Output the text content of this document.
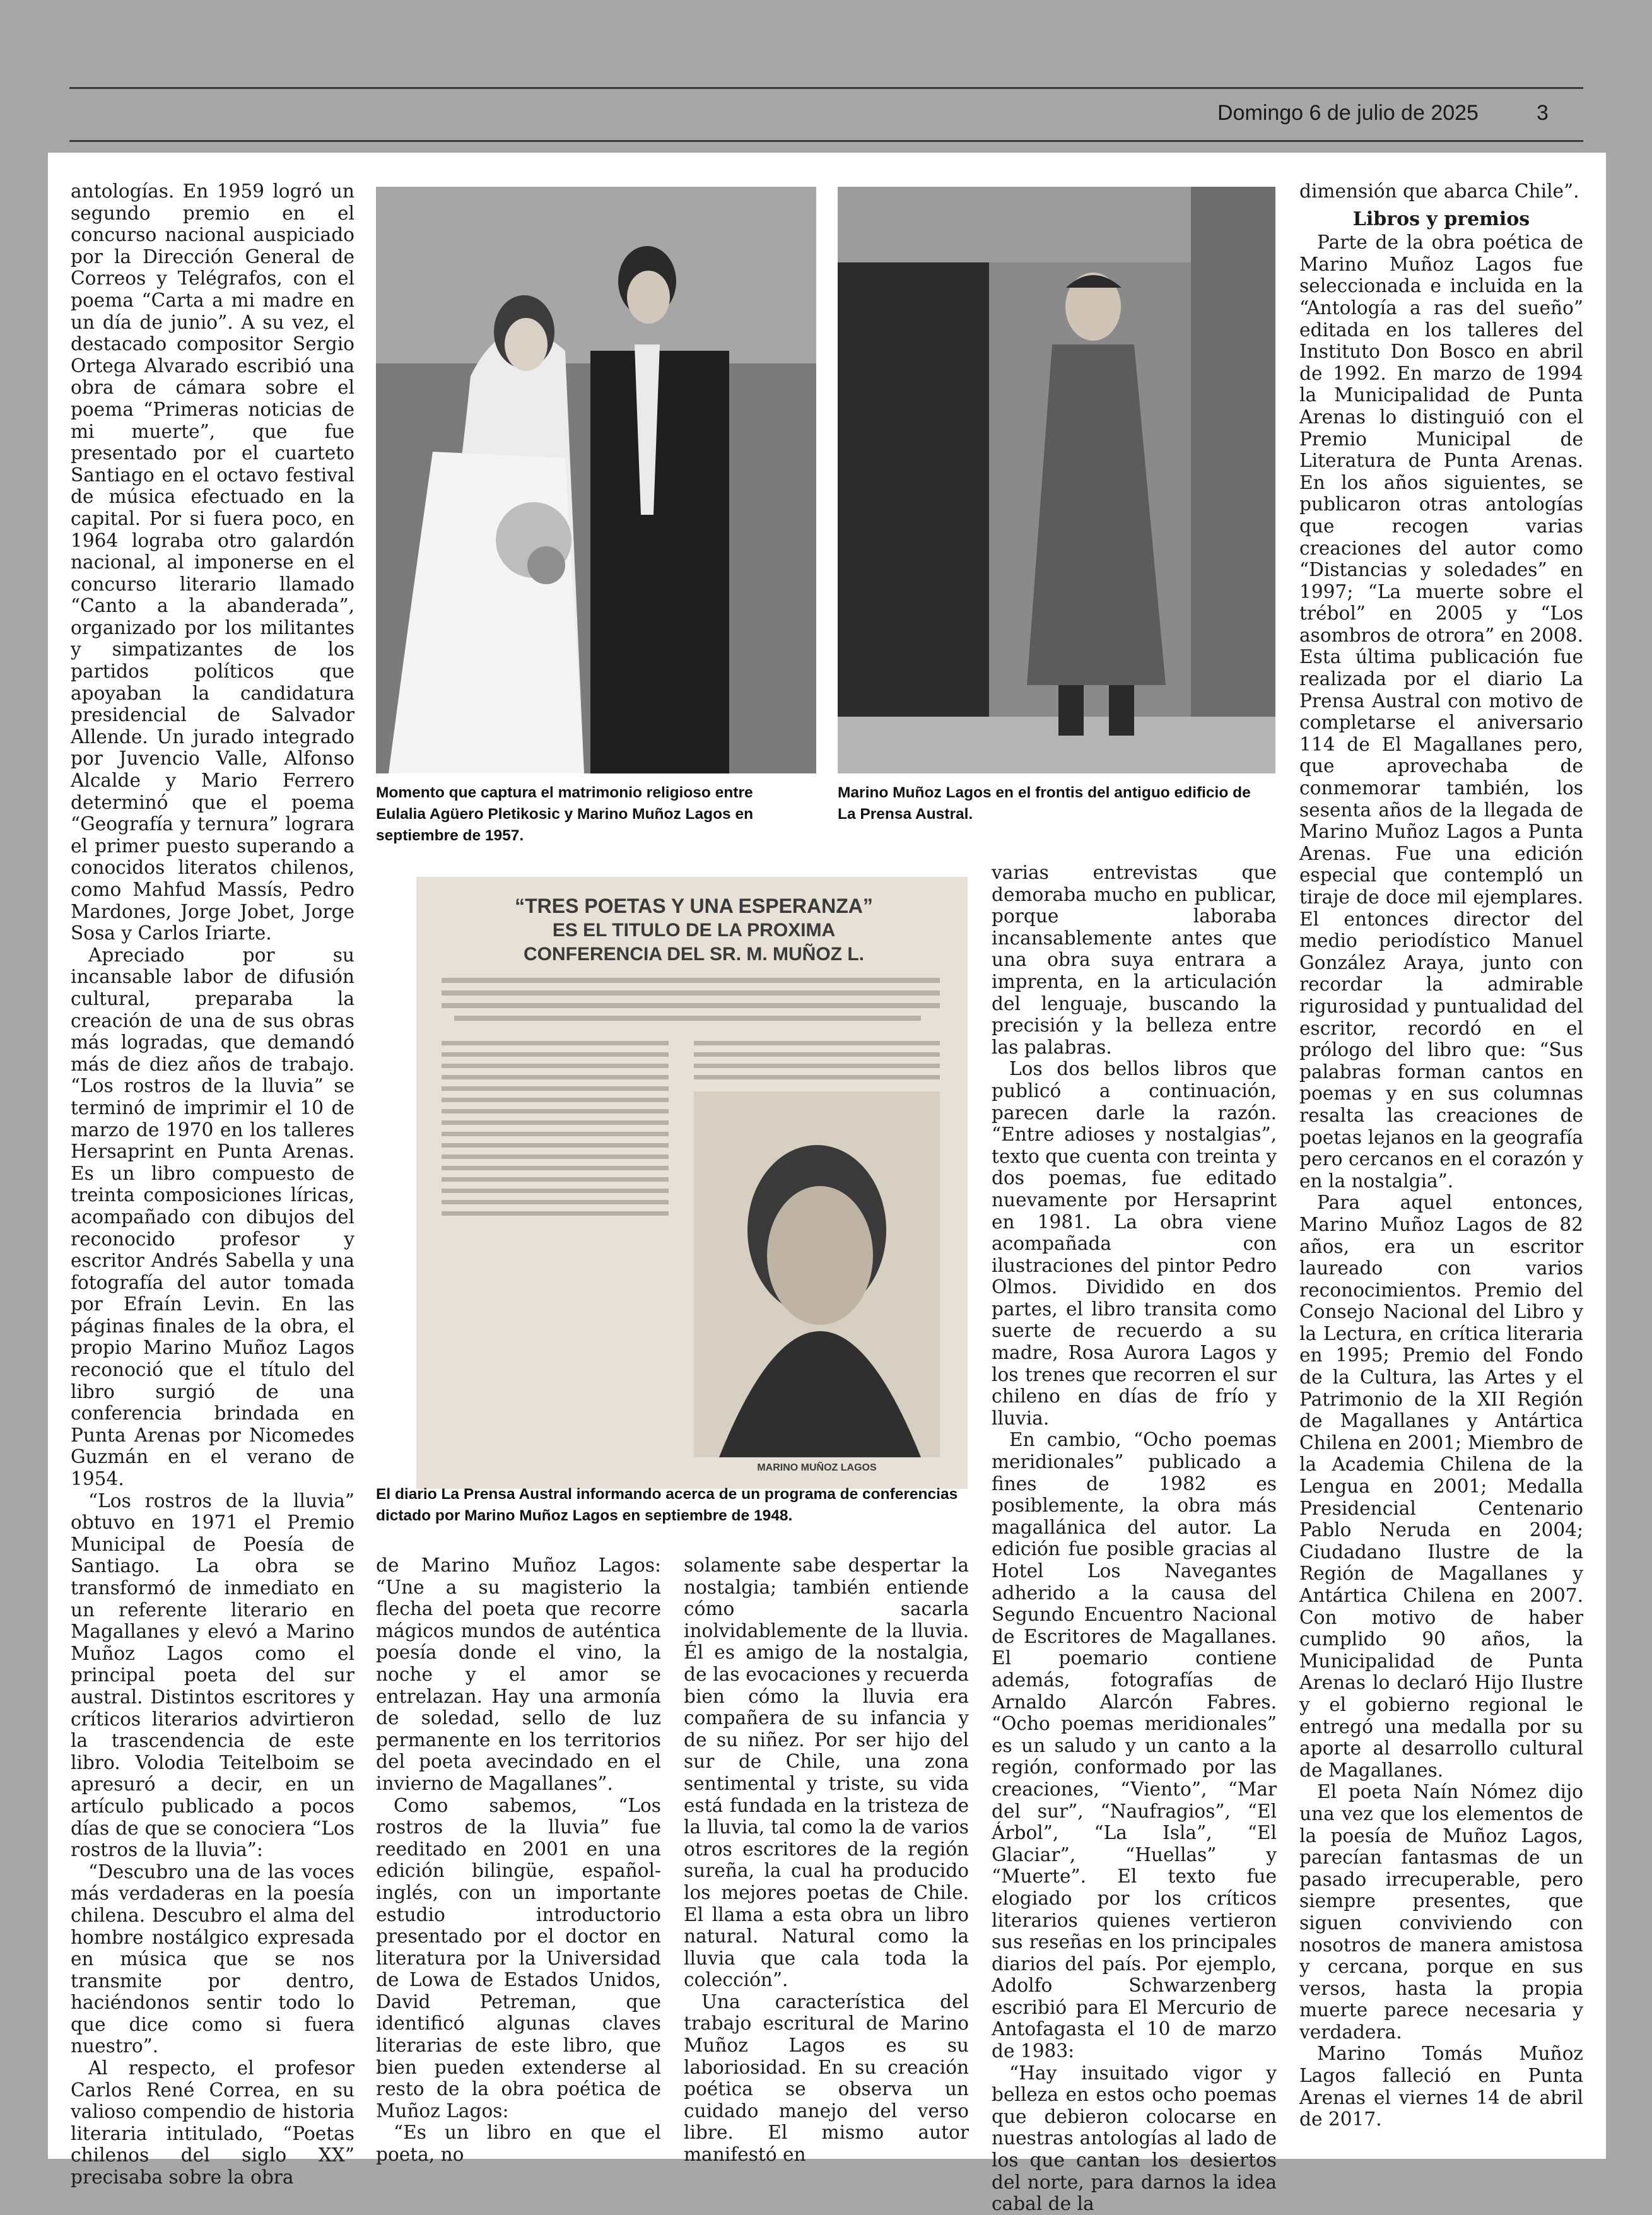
Domingo 6 de julio de 2025	3
Momento que captura el matrimonio religioso entre Eulalia Agüero Pletikosic y Marino Muñoz Lagos en septiembre de 1957.
Marino Muñoz Lagos en el frontis del antiguo edificio de La Prensa Austral.
“TRES POETAS Y UNA ESPERANZA”
ES EL TITULO DE LA PROXIMA
CONFERENCIA DEL SR. M. MUÑOZ L.
MARINO MUÑOZ LAGOS
El diario La Prensa Austral informando acerca de un programa de conferencias dictado por Marino Muñoz Lagos en septiembre de 1948.

antologías. En 1959 logró un segundo premio en el concurso nacional auspiciado por la Dirección General de Correos y Telégrafos, con el poema “Carta a mi madre en un día de junio”. A su vez, el destacado compositor Sergio Ortega Alvarado escribió una obra de cámara sobre el poema “Primeras noticias de mi muerte”, que fue presentado por el cuarteto Santiago en el octavo festival de música efectuado en la capital. Por si fuera poco, en 1964 lograba otro galardón nacional, al imponerse en el concurso literario llamado “Canto a la abanderada”, organizado por los militantes y simpatizantes de los partidos políticos que apoyaban la candidatura presidencial de Salvador Allende. Un jurado integrado por Juvencio Valle, Alfonso Alcalde y Mario Ferrero determinó que el poema “Geografía y ternura” lograra el primer puesto superando a conocidos literatos chilenos, como Mahfud Massís, Pedro Mardones, Jorge Jobet, Jorge Sosa y Carlos Iriarte.

Apreciado por su incansable labor de difusión cultural, preparaba la creación de una de sus obras más logradas, que demandó más de diez años de trabajo. “Los rostros de la lluvia” se terminó de imprimir el 10 de marzo de 1970 en los talleres Hersaprint en Punta Arenas. Es un libro compuesto de treinta composiciones líricas, acompañado con dibujos del reconocido profesor y escritor Andrés Sabella y una fotografía del autor tomada por Efraín Levin. En las páginas finales de la obra, el propio Marino Muñoz Lagos reconoció que el título del libro surgió de una conferencia brindada en Punta Arenas por Nicomedes Guzmán en el verano de 1954.

“Los rostros de la lluvia” obtuvo en 1971 el Premio Municipal de Poesía de Santiago. La obra se transformó de inmediato en un referente literario en Magallanes y elevó a Marino Muñoz Lagos como el principal poeta del sur austral. Distintos escritores y críticos literarios advirtieron la trascendencia de este libro. Volodia Teitelboim se apresuró a decir, en un artículo publicado a pocos días de que se conociera “Los rostros de la lluvia”:

“Descubro una de las voces más verdaderas en la poesía chilena. Descubro el alma del hombre nostálgico expresada en música que se nos transmite por dentro, haciéndonos sentir todo lo que dice como si fuera nuestro”.

Al respecto, el profesor Carlos René Correa, en su valioso compendio de historia literaria intitulado, “Poetas chilenos del siglo XX” precisaba sobre la obra

de Marino Muñoz Lagos: “Une a su magisterio la flecha del poeta que recorre mágicos mundos de auténtica poesía donde el vino, la noche y el amor se entrelazan. Hay una armonía de soledad, sello de luz permanente en los territorios del poeta avecindado en el invierno de Magallanes”.

Como sabemos, “Los rostros de la lluvia” fue reeditado en 2001 en una edición bilingüe, español-inglés, con un importante estudio introductorio presentado por el doctor en literatura por la Universidad de Lowa de Estados Unidos, David Petreman, que identificó algunas claves literarias de este libro, que bien pueden extenderse al resto de la obra poética de Muñoz Lagos:

“Es un libro en que el poeta, no

solamente sabe despertar la nostalgia; también entiende cómo sacarla inolvidablemente de la lluvia. Él es amigo de la nostalgia, de las evocaciones y recuerda bien cómo la lluvia era compañera de su infancia y de su niñez. Por ser hijo del sur de Chile, una zona sentimental y triste, su vida está fundada en la tristeza de la lluvia, tal como la de varios otros escritores de la región sureña, la cual ha producido los mejores poetas de Chile. El llama a esta obra un libro natural. Natural como la lluvia que cala toda la colección”.

Una característica del trabajo escritural de Marino Muñoz Lagos es su laboriosidad. En su creación poética se observa un cuidado manejo del verso libre. El mismo autor manifestó en

varias entrevistas que demoraba mucho en publicar, porque laboraba incansablemente antes que una obra suya entrara a imprenta, en la articulación del lenguaje, buscando la precisión y la belleza entre las palabras.

Los dos bellos libros que publicó a continuación, parecen darle la razón. “Entre adioses y nostalgias”, texto que cuenta con treinta y dos poemas, fue editado nuevamente por Hersaprint en 1981. La obra viene acompañada con ilustraciones del pintor Pedro Olmos. Dividido en dos partes, el libro transita como suerte de recuerdo a su madre, Rosa Aurora Lagos y los trenes que recorren el sur chileno en días de frío y lluvia.

En cambio, “Ocho poemas meridionales” publicado a fines de 1982 es posiblemente, la obra más magallánica del autor. La edición fue posible gracias al Hotel Los Navegantes adherido a la causa del Segundo Encuentro Nacional de Escritores de Magallanes. El poemario contiene además, fotografías de Arnaldo Alarcón Fabres. “Ocho poemas meridionales” es un saludo y un canto a la región, conformado por las creaciones, “Viento”, “Mar del sur”, “Naufragios”, “El Árbol”, “La Isla”, “El Glaciar”, “Huellas” y “Muerte”. El texto fue elogiado por los críticos literarios quienes vertieron sus reseñas en los principales diarios del país. Por ejemplo, Adolfo Schwarzenberg escribió para El Mercurio de Antofagasta el 10 de marzo de 1983:

“Hay insuitado vigor y belleza en estos ocho poemas que debieron colocarse en nuestras antologías al lado de los que cantan los desiertos del norte, para darnos la idea cabal de la

dimensión que abarca Chile”.

Libros y premios

Parte de la obra poética de Marino Muñoz Lagos fue seleccionada e incluida en la “Antología a ras del sueño” editada en los talleres del Instituto Don Bosco en abril de 1992. En marzo de 1994 la Municipalidad de Punta Arenas lo distinguió con el Premio Municipal de Literatura de Punta Arenas. En los años siguientes, se publicaron otras antologías que recogen varias creaciones del autor como “Distancias y soledades” en 1997; “La muerte sobre el trébol” en 2005 y “Los asombros de otrora” en 2008. Esta última publicación fue realizada por el diario La Prensa Austral con motivo de completarse el aniversario 114 de El Magallanes pero, que aprovechaba de conmemorar también, los sesenta años de la llegada de Marino Muñoz Lagos a Punta Arenas. Fue una edición especial que contempló un tiraje de doce mil ejemplares. El entonces director del medio periodístico Manuel González Araya, junto con recordar la admirable rigurosidad y puntualidad del escritor, recordó en el prólogo del libro que: “Sus palabras forman cantos en poemas y en sus columnas resalta las creaciones de poetas lejanos en la geografía pero cercanos en el corazón y en la nostalgia”.

Para aquel entonces, Marino Muñoz Lagos de 82 años, era un escritor laureado con varios reconocimientos. Premio del Consejo Nacional del Libro y la Lectura, en crítica literaria en 1995; Premio del Fondo de la Cultura, las Artes y el Patrimonio de la XII Región de Magallanes y Antártica Chilena en 2001; Miembro de la Academia Chilena de la Lengua en 2001; Medalla Presidencial Centenario Pablo Neruda en 2004; Ciudadano Ilustre de la Región de Magallanes y Antártica Chilena en 2007. Con motivo de haber cumplido 90 años, la Municipalidad de Punta Arenas lo declaró Hijo Ilustre y el gobierno regional le entregó una medalla por su aporte al desarrollo cultural de Magallanes.

El poeta Naín Nómez dijo una vez que los elementos de la poesía de Muñoz Lagos, parecían fantasmas de un pasado irrecuperable, pero siempre presentes, que siguen conviviendo con nosotros de manera amistosa y cercana, porque en sus versos, hasta la propia muerte parece necesaria y verdadera.

Marino Tomás Muñoz Lagos falleció en Punta Arenas el viernes 14 de abril de 2017.
